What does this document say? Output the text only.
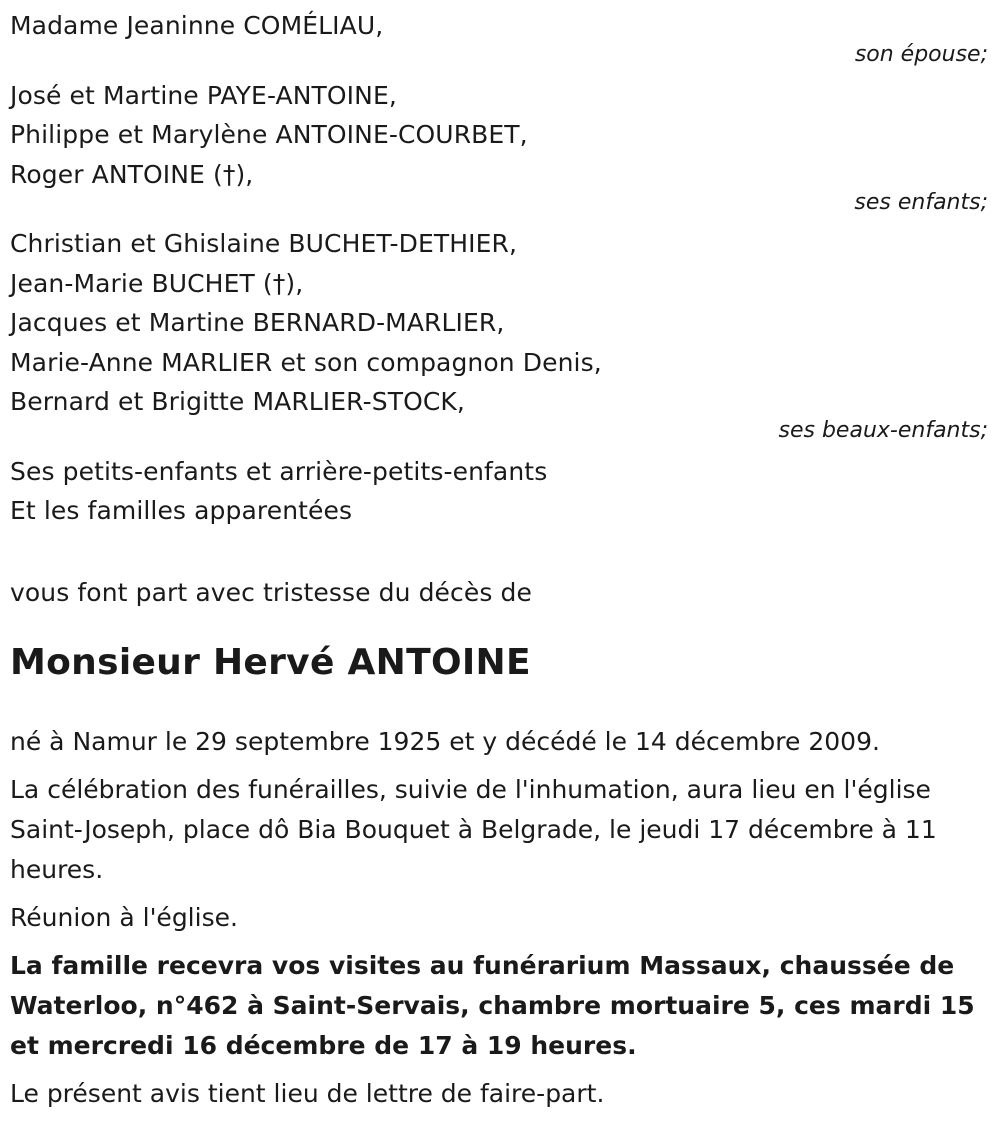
Madame Jeaninne COMÉLIAU,
son épouse;
José et Martine PAYE-ANTOINE,
Philippe et Marylène ANTOINE-COURBET,
Roger ANTOINE (†),
ses enfants;
Christian et Ghislaine BUCHET-DETHIER,
Jean-Marie BUCHET (†),
Jacques et Martine BERNARD-MARLIER,
Marie-Anne MARLIER et son compagnon Denis,
Bernard et Brigitte MARLIER-STOCK,
ses beaux-enfants;
Ses petits-enfants et arrière-petits-enfants
Et les familles apparentées
vous font part avec tristesse du décès de
Monsieur Hervé ANTOINE

né à Namur le 29 septembre 1925 et y décédé le 14 décembre 2009.

La célébration des funérailles, suivie de l'inhumation, aura lieu en l'église Saint-Joseph, place dô Bia Bouquet à Belgrade, le jeudi 17 décembre à 11 heures.

Réunion à l'église.

La famille recevra vos visites au funérarium Massaux, chaussée de Waterloo, n°462 à Saint-Servais, chambre mortuaire 5, ces mardi 15 et mercredi 16 décembre de 17 à 19 heures.

Le présent avis tient lieu de lettre de faire-part.
